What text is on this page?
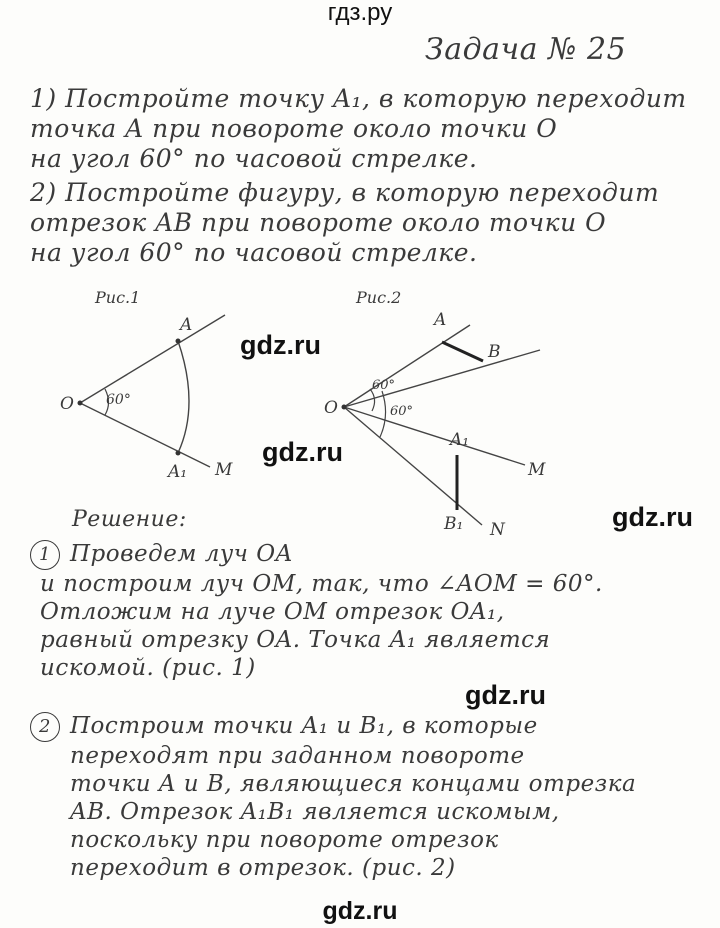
гдз.ру
Задача № 25
1) Постройте точку A₁, в которую переходит
точка A при повороте около точки O
на угол 60° по часовой стрелке.
2) Постройте фигуру, в которую переходит
отрезок AB при повороте около точки O
на угол 60° по часовой стрелке.
Рис.1
A
O
A₁ M
60°
Рис.2
A
B
O
A₁
B₁
M
N
60°
60°
gdz.ru
gdz.ru
gdz.ru
gdz.ru
Решение:
1 Проведем луч OA
и построим луч OM, так, что ∠AOM = 60°.
Отложим на луче OM отрезок OA₁,
равный отрезку OA. Точка A₁ является
искомой. (рис. 1)
2 Построим точки A₁ и B₁, в которые
переходят при заданном повороте
точки A и B, являющиеся концами отрезка
AB. Отрезок A₁B₁ является искомым,
поскольку при повороте отрезок
переходит в отрезок. (рис. 2)
gdz.ru
